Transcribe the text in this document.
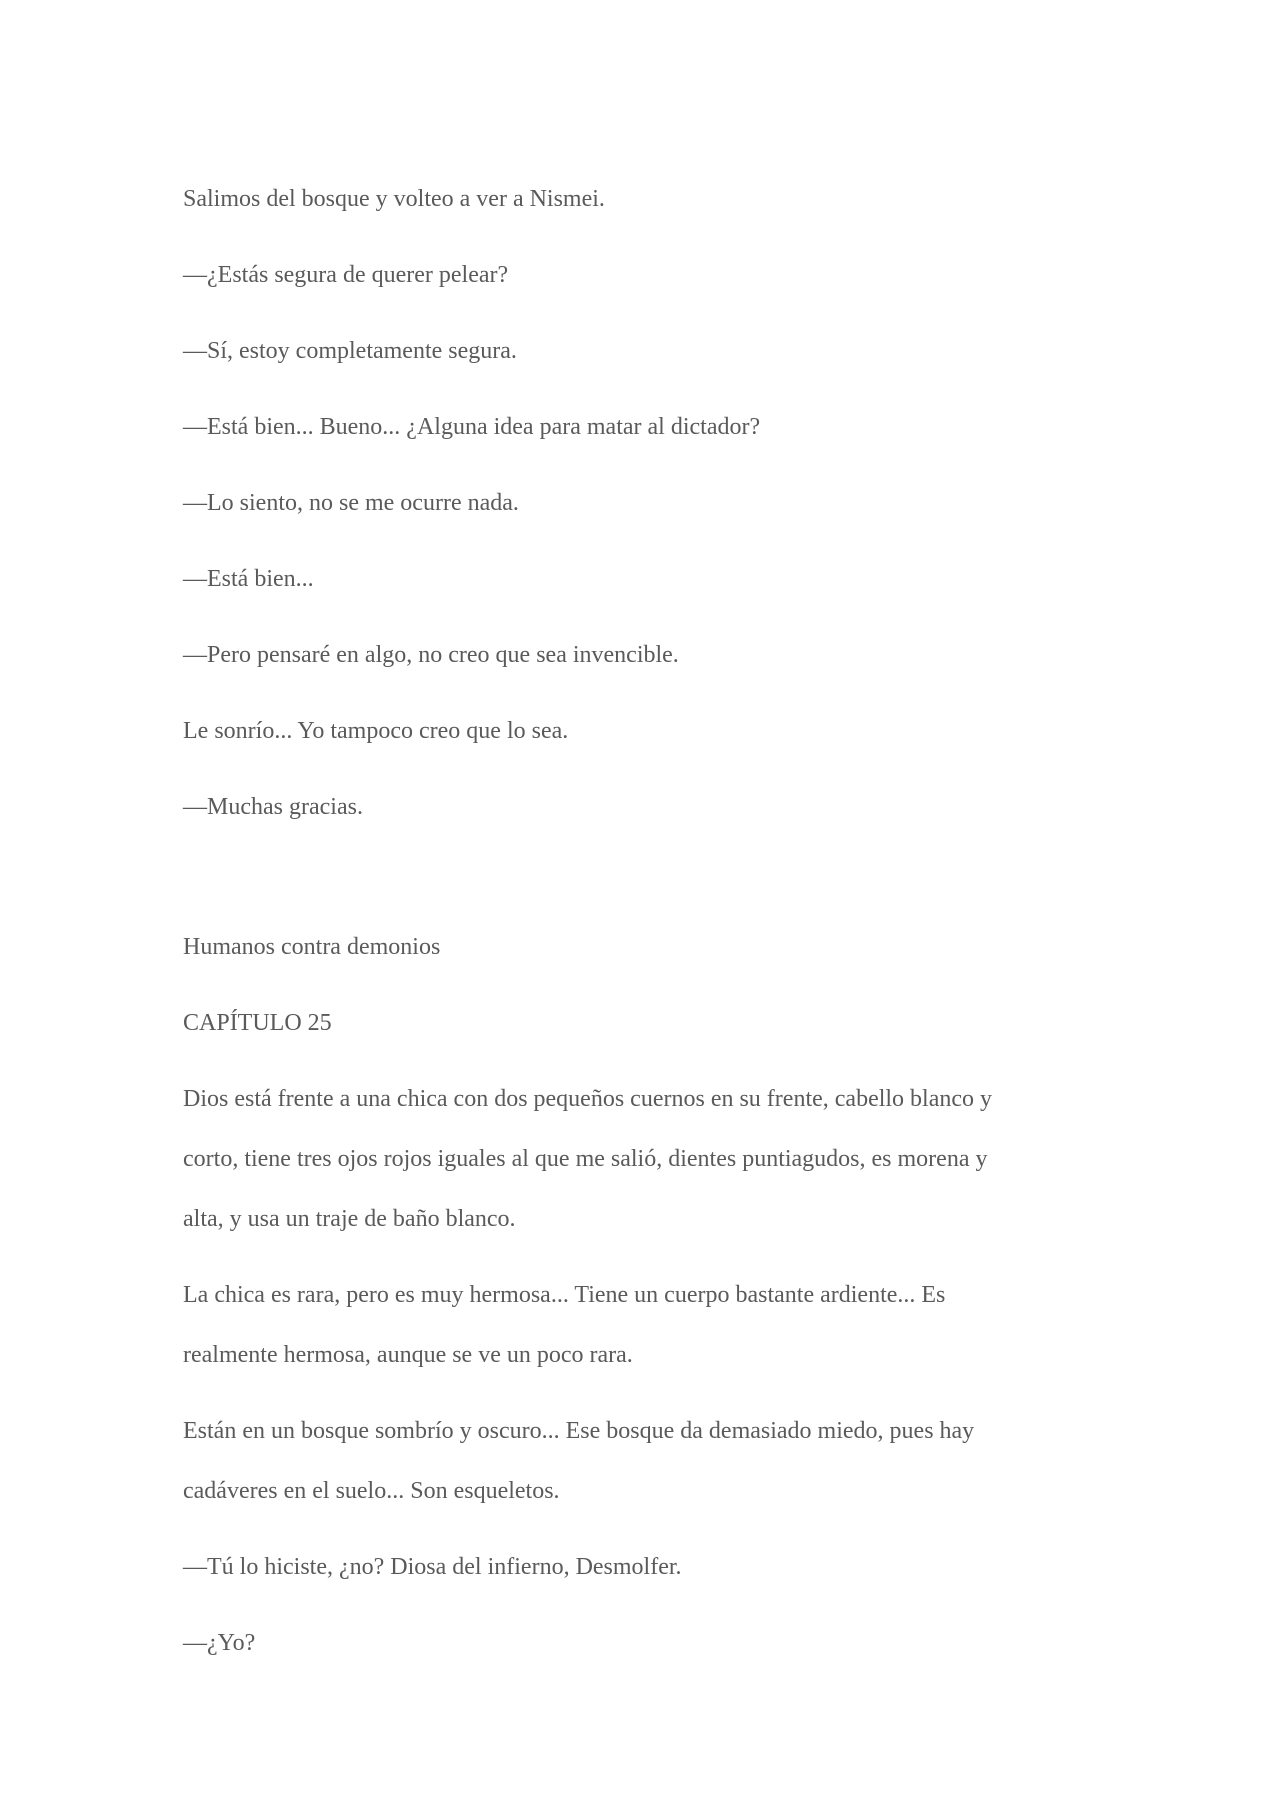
Salimos del bosque y volteo a ver a Nismei.
—¿Estás segura de querer pelear?
—Sí, estoy completamente segura.
—Está bien... Bueno... ¿Alguna idea para matar al dictador?
—Lo siento, no se me ocurre nada.
—Está bien...
—Pero pensaré en algo, no creo que sea invencible.
Le sonrío... Yo tampoco creo que lo sea.
—Muchas gracias.
Humanos contra demonios
CAPÍTULO 25
Dios está frente a una chica con dos pequeños cuernos en su frente, cabello blanco y
corto, tiene tres ojos rojos iguales al que me salió, dientes puntiagudos, es morena y
alta, y usa un traje de baño blanco.
La chica es rara, pero es muy hermosa... Tiene un cuerpo bastante ardiente... Es
realmente hermosa, aunque se ve un poco rara.
Están en un bosque sombrío y oscuro... Ese bosque da demasiado miedo, pues hay
cadáveres en el suelo... Son esqueletos.
—Tú lo hiciste, ¿no? Diosa del infierno, Desmolfer.
—¿Yo?
